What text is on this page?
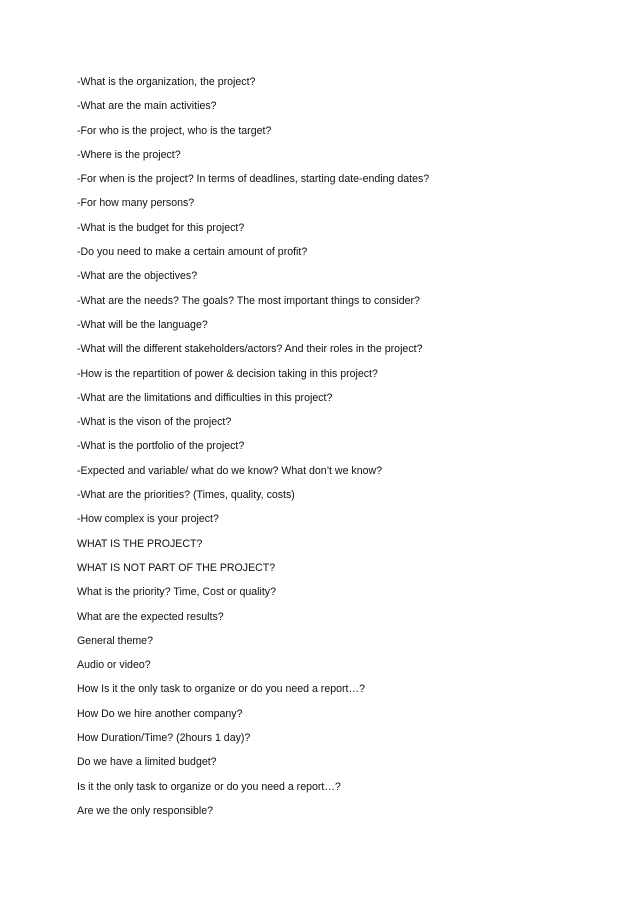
-What is the organization, the project?
-What are the main activities?
-For who is the project, who is the target?
-Where is the project?
-For when is the project? In terms of deadlines, starting date-ending dates?
-For how many persons?
-What is the budget for this project?
-Do you need to make a certain amount of profit?
-What are the objectives?
-What are the needs? The goals? The most important things to consider?
-What will be the language?
-What will the different stakeholders/actors? And their roles in the project?
-How is the repartition of power & decision taking in this project?
-What are the limitations and difficulties in this project?
-What is the vison of the project?
-What is the portfolio of the project?
-Expected and variable/ what do we know? What don’t we know?
-What are the priorities? (Times, quality, costs)
-How complex is your project?
WHAT IS THE PROJECT?
WHAT IS NOT PART OF THE PROJECT?
What is the priority? Time, Cost or quality?
What are the expected results?
General theme?
Audio or video?
How Is it the only task to organize or do you need a report…?
How Do we hire another company?
How Duration/Time? (2hours 1 day)?
Do we have a limited budget?
Is it the only task to organize or do you need a report…?
Are we the only responsible?
